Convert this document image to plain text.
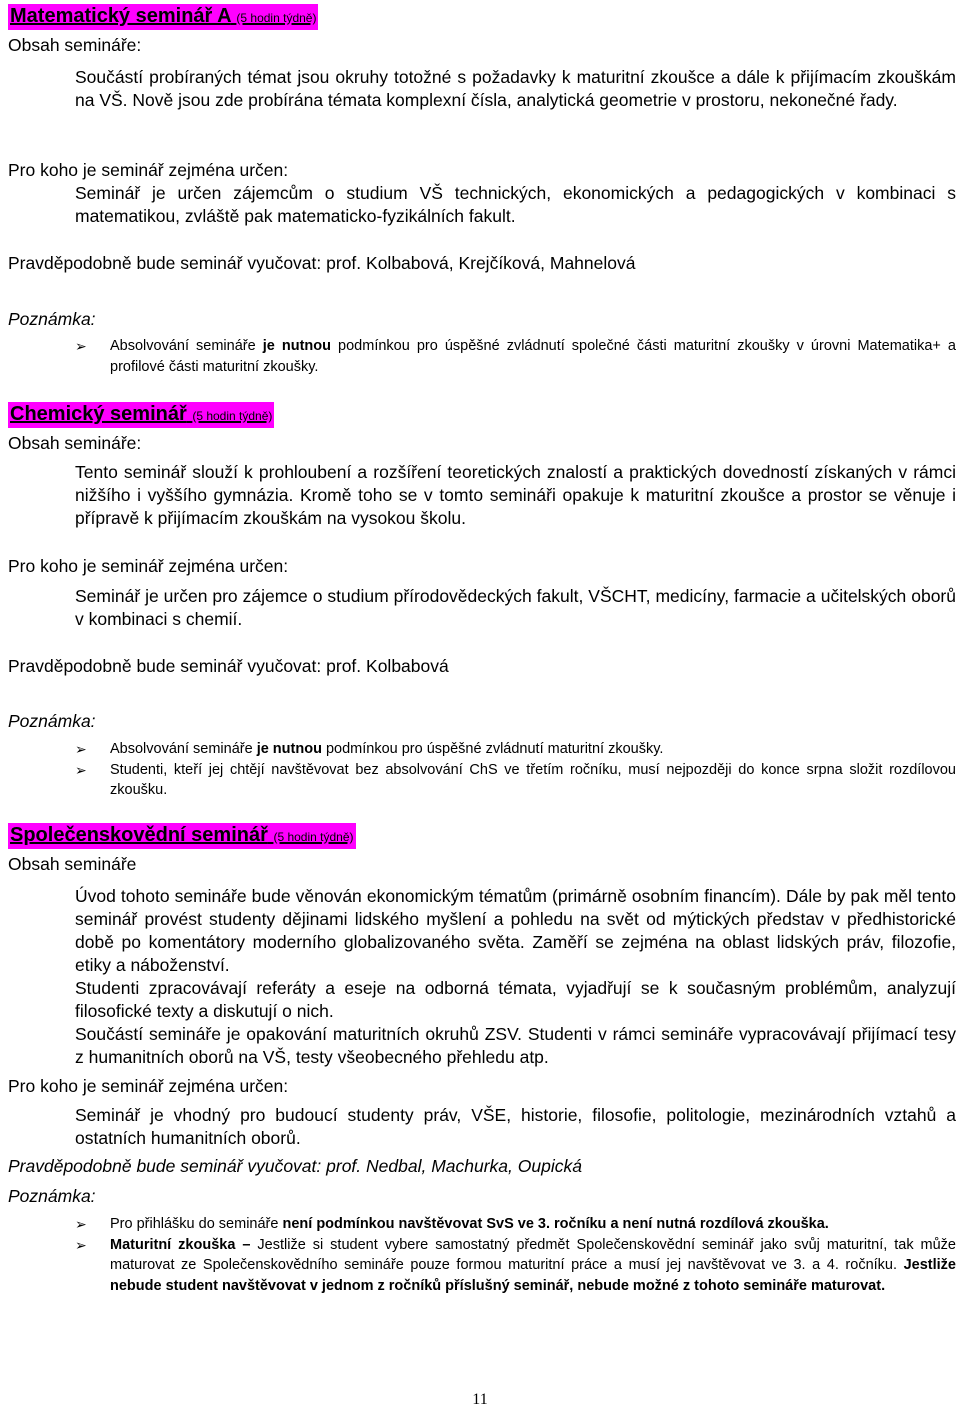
Matematický seminář A (5 hodin týdně)
Obsah semináře:
Součástí probíraných témat jsou okruhy totožné s požadavky k maturitní zkoušce a dále k přijímacím zkouškám na VŠ. Nově jsou zde probírána témata komplexní čísla, analytická geometrie v prostoru, nekonečné řady.
Pro koho je seminář zejména určen:
Seminář je určen zájemcům o studium VŠ technických, ekonomických a pedagogických v kombinaci s matematikou, zvláště pak matematicko-fyzikálních fakult.
Pravděpodobně bude seminář vyučovat: prof. Kolbabová, Krejčíková, Mahnelová
Poznámka:
➢ Absolvování semináře je nutnou podmínkou pro úspěšné zvládnutí společné části maturitní zkoušky v úrovni Matematika+ a profilové části maturitní zkoušky.
Chemický seminář (5 hodin týdně)
Obsah semináře:
Tento seminář slouží k prohloubení a rozšíření teoretických znalostí a praktických dovedností získaných v rámci nižšího i vyššího gymnázia. Kromě toho se v tomto semináři opakuje k maturitní zkoušce a prostor se věnuje i přípravě k přijímacím zkouškám na vysokou školu.
Pro koho je seminář zejména určen:
Seminář je určen pro zájemce o studium přírodovědeckých fakult, VŠCHT, medicíny, farmacie a učitelských oborů v kombinaci s chemií.
Pravděpodobně bude seminář vyučovat: prof. Kolbabová
Poznámka:
➢ Absolvování semináře je nutnou podmínkou pro úspěšné zvládnutí maturitní zkoušky.
➢ Studenti, kteří jej chtějí navštěvovat bez absolvování ChS ve třetím ročníku, musí nejpozději do konce srpna složit rozdílovou zkoušku.
Společenskovědní seminář (5 hodin týdně)
Obsah semináře
Úvod tohoto semináře bude věnován ekonomickým tématům (primárně osobním financím). Dále by pak měl tento seminář provést studenty dějinami lidského myšlení a pohledu na svět od mýtických představ v předhistorické době po komentátory moderního globalizovaného světa. Zaměří se zejména na oblast lidských práv, filozofie, etiky a náboženství.
Studenti zpracovávají referáty a eseje na odborná témata, vyjadřují se k současným problémům, analyzují filosofické texty a diskutují o nich.
Součástí semináře je opakování maturitních okruhů ZSV. Studenti v rámci semináře vypracovávají přijímací tesy z humanitních oborů na VŠ, testy všeobecného přehledu atp.
Pro koho je seminář zejména určen:
Seminář je vhodný pro budoucí studenty práv, VŠE, historie, filosofie, politologie, mezinárodních vztahů a ostatních humanitních oborů.
Pravděpodobně bude seminář vyučovat: prof. Nedbal, Machurka, Oupická
Poznámka:
➢ Pro přihlášku do semináře není podmínkou navštěvovat SvS ve 3. ročníku a není nutná rozdílová zkouška.
➢ Maturitní zkouška – Jestliže si student vybere samostatný předmět Společenskovědní seminář jako svůj maturitní, tak může maturovat ze Společenskovědního semináře pouze formou maturitní práce a musí jej navštěvovat ve 3. a 4. ročníku. Jestliže nebude student navštěvovat v jednom z ročníků příslušný seminář, nebude možné z tohoto semináře maturovat.
11
